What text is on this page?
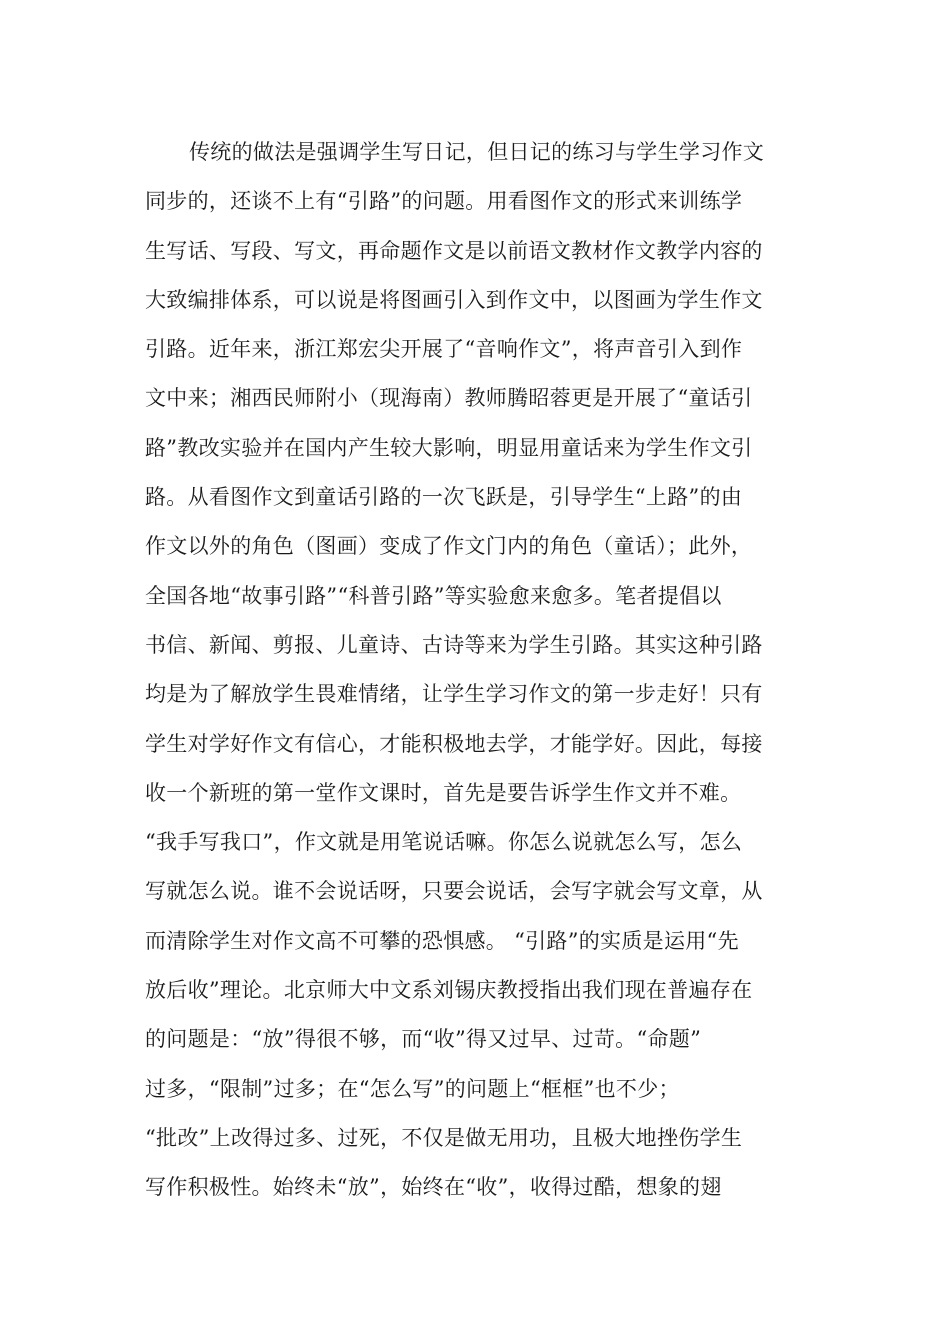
传统的做法是强调学生写日记，但日记的练习与学生学习作文
同步的，还谈不上有“引路”的问题。用看图作文的形式来训练学
生写话、写段、写文，再命题作文是以前语文教材作文教学内容的
大致编排体系，可以说是将图画引入到作文中，以图画为学生作文
引路。近年来，浙江郑宏尖开展了“音响作文”，将声音引入到作
文中来；湘西民师附小（现海南）教师腾昭蓉更是开展了“童话引
路”教改实验并在国内产生较大影响，明显用童话来为学生作文引
路。从看图作文到童话引路的一次飞跃是，引导学生“上路”的由
作文以外的角色（图画）变成了作文门内的角色（童话）；此外，
全国各地“故事引路”“科普引路”等实验愈来愈多。笔者提倡以
书信、新闻、剪报、儿童诗、古诗等来为学生引路。其实这种引路
均是为了解放学生畏难情绪，让学生学习作文的第一步走好！只有
学生对学好作文有信心，才能积极地去学，才能学好。因此，每接
收一个新班的第一堂作文课时，首先是要告诉学生作文并不难。
“我手写我口”，作文就是用笔说话嘛。你怎么说就怎么写，怎么
写就怎么说。谁不会说话呀，只要会说话，会写字就会写文章，从
而清除学生对作文高不可攀的恐惧感。 “引路”的实质是运用“先
放后收”理论。北京师大中文系刘锡庆教授指出我们现在普遍存在
的问题是：“放”得很不够，而“收”得又过早、过苛。“命题”
过多，“限制”过多；在“怎么写”的问题上“框框”也不少；
“批改”上改得过多、过死，不仅是做无用功，且极大地挫伤学生
写作积极性。始终未“放”，始终在“收”，收得过酷，想象的翅
